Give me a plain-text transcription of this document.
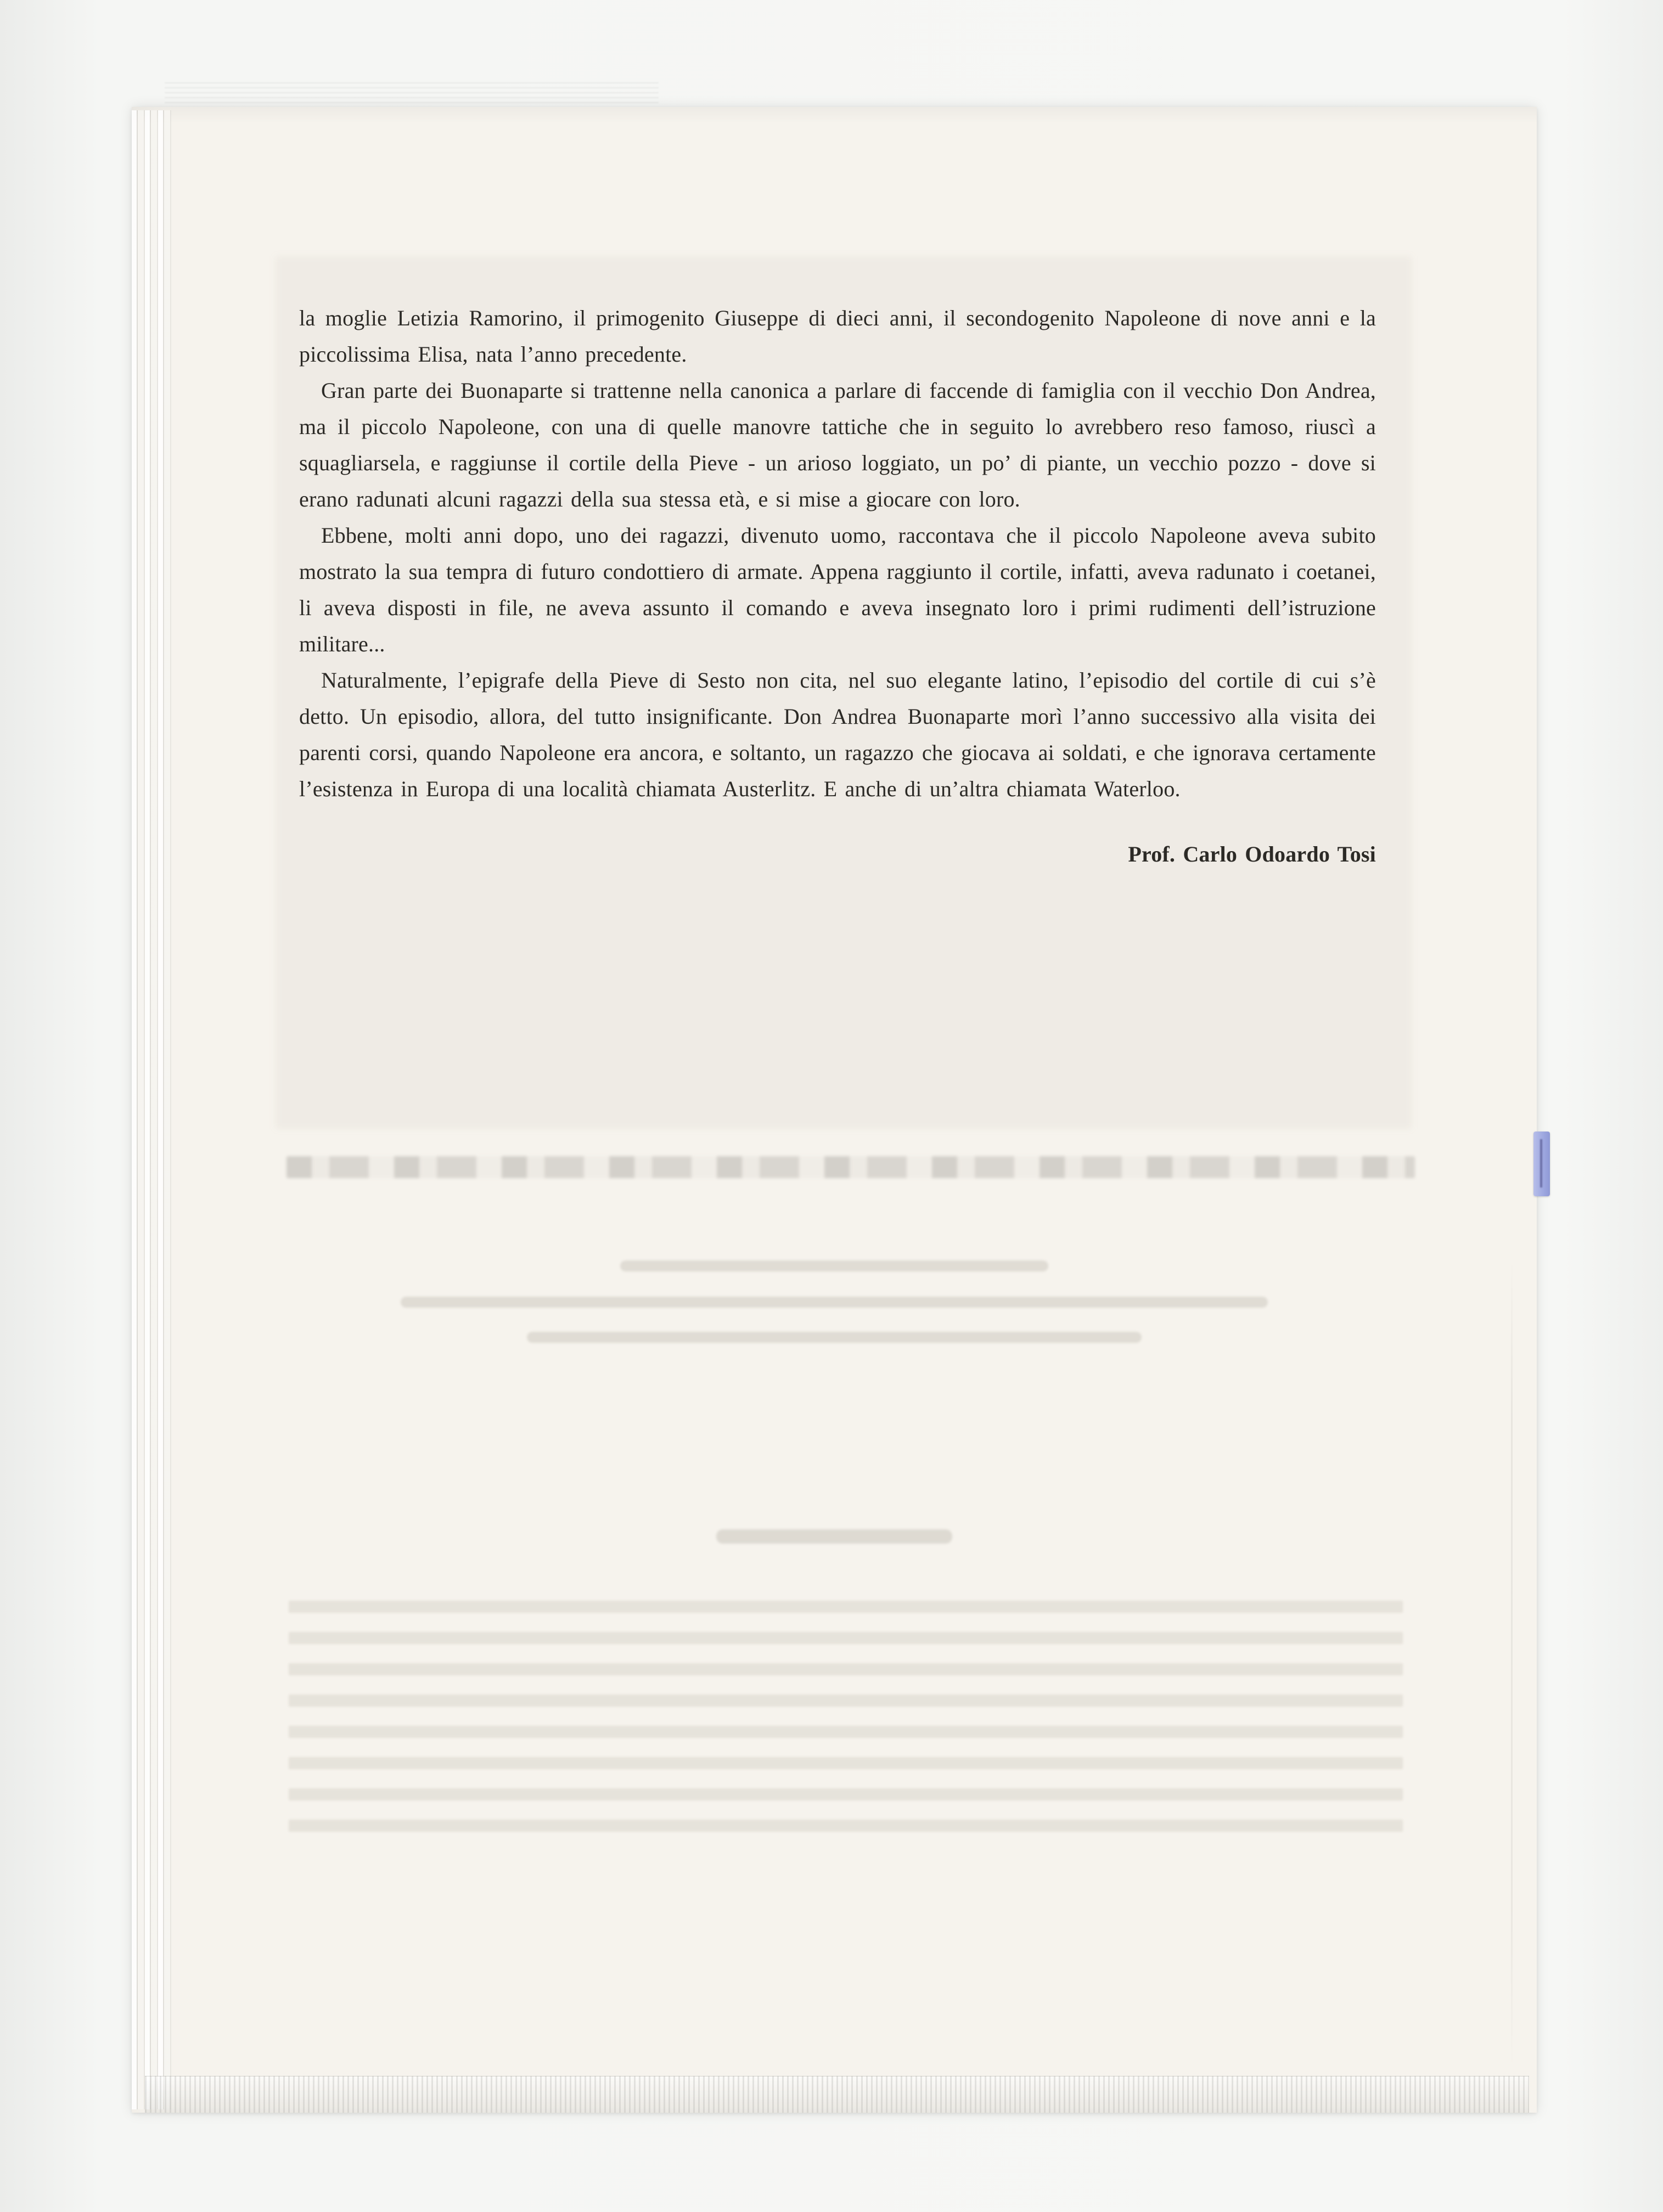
la moglie Letizia Ramorino, il primogenito Giuseppe di dieci anni, il secondogenito Napoleone di nove anni e la piccolissima Elisa, nata l’anno precedente.

Gran parte dei Buonaparte si trattenne nella canonica a parlare di faccende di famiglia con il vecchio Don Andrea, ma il piccolo Napoleone, con una di quelle manovre tattiche che in seguito lo avrebbero reso famoso, riuscì a squagliarsela, e raggiunse il cortile della Pieve - un arioso loggiato, un po’ di piante, un vecchio pozzo - dove si erano radunati alcuni ragazzi della sua stessa età, e si mise a giocare con loro.

Ebbene, molti anni dopo, uno dei ragazzi, divenuto uomo, raccontava che il piccolo Napoleone aveva subito mostrato la sua tempra di futuro condottiero di armate. Appena raggiunto il cortile, infatti, aveva radunato i coetanei, li aveva disposti in file, ne aveva assunto il comando e aveva insegnato loro i primi rudimenti dell’istruzione militare...

Naturalmente, l’epigrafe della Pieve di Sesto non cita, nel suo elegante latino, l’episodio del cortile di cui s’è detto. Un episodio, allora, del tutto insignificante. Don Andrea Buonaparte morì l’anno successivo alla visita dei parenti corsi, quando Napoleone era ancora, e soltanto, un ragazzo che giocava ai soldati, e che ignorava certamente l’esistenza in Europa di una località chiamata Austerlitz. E anche di un’altra chiamata Waterloo.

Prof. Carlo Odoardo Tosi
